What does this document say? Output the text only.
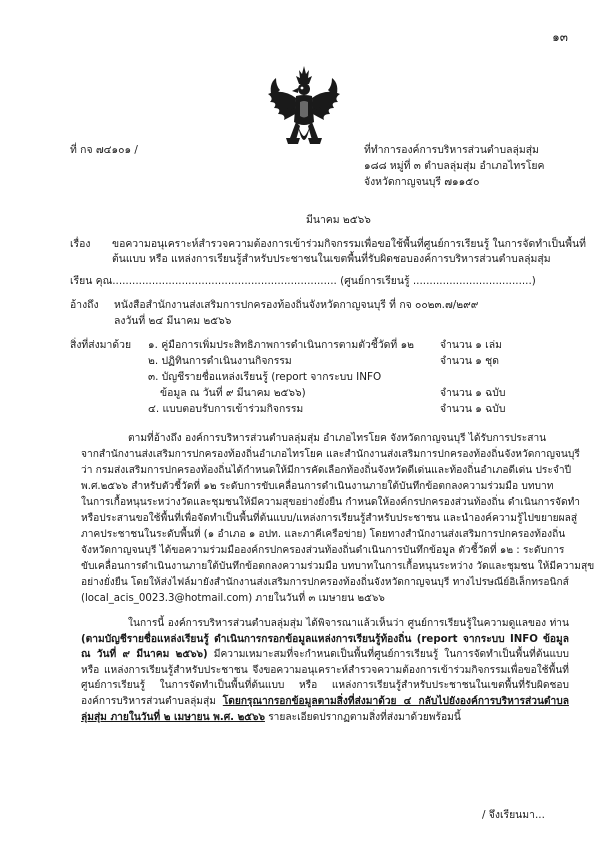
๑๓
ที่ กจ ๗๔๑๐๑ /	ที่ทำการองค์การบริหารส่วนตำบลลุ่มสุ่ม
๑๘๘ หมู่ที่ ๓ ตำบลลุ่มสุ่ม อำเภอไทรโยค
จังหวัดกาญจนบุรี ๗๑๑๕๐
มีนาคม ๒๕๖๖
เรื่อง ขอความอนุเคราะห์สำรวจความต้องการเข้าร่วมกิจกรรมเพื่อขอใช้พื้นที่ศูนย์การเรียนรู้ ในการจัดทำเป็นพื้นที่
ต้นแบบ หรือ แหล่งการเรียนรู้สำหรับประชาชนในเขตพื้นที่รับผิดชอบองค์การบริหารส่วนตำบลลุ่มสุ่ม
เรียน คุณ.................................................................... (ศูนย์การเรียนรู้ ....................................)
อ้างถึง หนังสือสำนักงานส่งเสริมการปกครองท้องถิ่นจังหวัดกาญจนบุรี ที่ กจ ๐๐๒๓.๗/๒๙๙
ลงวันที่ ๒๔ มีนาคม ๒๕๖๖
สิ่งที่ส่งมาด้วย ๑. คู่มือการเพิ่มประสิทธิภาพการดำเนินการตามตัวชี้วัดที่ ๑๒ จำนวน ๑ เล่ม
๒. ปฏิทินการดำเนินงานกิจกรรม	จำนวน ๑ ชุด
๓. บัญชีรายชื่อแหล่งเรียนรู้ (report จากระบบ INFO
ข้อมูล ณ วันที่ ๙ มีนาคม ๒๕๖๖)	จำนวน ๑ ฉบับ
๔. แบบตอบรับการเข้าร่วมกิจกรรม	จำนวน ๑ ฉบับ
ตามที่อ้างถึง องค์การบริหารส่วนตำบลลุ่มสุ่ม อำเภอไทรโยค จังหวัดกาญจนบุรี ได้รับการประสาน
จากสำนักงานส่งเสริมการปกครองท้องถิ่นอำเภอไทรโยค และสำนักงานส่งเสริมการปกครองท้องถิ่นจังหวัดกาญจนบุรี
ว่า กรมส่งเสริมการปกครองท้องถิ่นได้กำหนดให้มีการคัดเลือกท้องถิ่นจังหวัดดีเด่นและท้องถิ่นอำเภอดีเด่น ประจำปี
พ.ศ.๒๕๖๖ สำหรับตัวชี้วัดที่ ๑๒ ระดับการขับเคลื่อนการดำเนินงานภายใต้บันทึกข้อตกลงความร่วมมือ บทบาท
ในการเกื้อหนุนระหว่างวัดและชุมชนให้มีความสุขอย่างยั่งยืน กำหนดให้องค์กรปกครองส่วนท้องถิ่น ดำเนินการจัดทำ
หรือประสานขอใช้พื้นที่เพื่อจัดทำเป็นพื้นที่ต้นแบบ/แหล่งการเรียนรู้สำหรับประชาชน และนำองค์ความรู้ไปขยายผลสู่
ภาคประชาชนในระดับพื้นที่ (๑ อำเภอ ๑ อปท. และภาคีเครือข่าย) โดยทางสำนักงานส่งเสริมการปกครองท้องถิ่น
จังหวัดกาญจนบุรี ได้ขอความร่วมมือองค์กรปกครองส่วนท้องถิ่นดำเนินการบันทึกข้อมูล ตัวชี้วัดที่ ๑๒ : ระดับการ
ขับเคลื่อนการดำเนินงานภายใต้บันทึกข้อตกลงความร่วมมือ บทบาทในการเกื้อหนุนระหว่าง วัดและชุมชน ให้มีความสุข
อย่างยั่งยืน โดยให้ส่งไฟล์มายังสำนักงานส่งเสริมการปกครองท้องถิ่นจังหวัดกาญจนบุรี ทางไปรษณีย์อิเล็กทรอนิกส์
(local_acis_0023.3@hotmail.com) ภายในวันที่ ๓ เมษายน ๒๕๖๖
ในการนี้ องค์การบริหารส่วนตำบลลุ่มสุ่ม ได้พิจารณาแล้วเห็นว่า ศูนย์การเรียนรู้ในความดูแลของ ท่าน (ตามบัญชีรายชื่อแหล่งเรียนรู้ ดำเนินการกรอกข้อมูลแหล่งการเรียนรู้ท้องถิ่น (report จากระบบ INFO ข้อมูล ณ วันที่ ๙ มีนาคม ๒๕๖๖) มีความเหมาะสมที่จะกำหนดเป็นพื้นที่ศูนย์การเรียนรู้ ในการจัดทำเป็นพื้นที่ต้นแบบ หรือ แหล่งการเรียนรู้สำหรับประชาชน จึงขอความอนุเคราะห์สำรวจความต้องการเข้าร่วมกิจกรรมเพื่อขอใช้พื้นที่ศูนย์การเรียนรู้ ในการจัดทำเป็นพื้นที่ต้นแบบ หรือ แหล่งการเรียนรู้สำหรับประชาชนในเขตพื้นที่รับผิดชอบองค์การบริหารส่วนตำบลลุ่มสุ่ม โดยกรุณากรอกข้อมูลตามสิ่งที่ส่งมาด้วย ๔ กลับไปยังองค์การบริหารส่วนตำบลลุ่มสุ่ม ภายในวันที่ ๒ เมษายน พ.ศ. ๒๕๖๖ รายละเอียดปรากฏตามสิ่งที่ส่งมาด้วยพร้อมนี้
/ จึงเรียนมา...
